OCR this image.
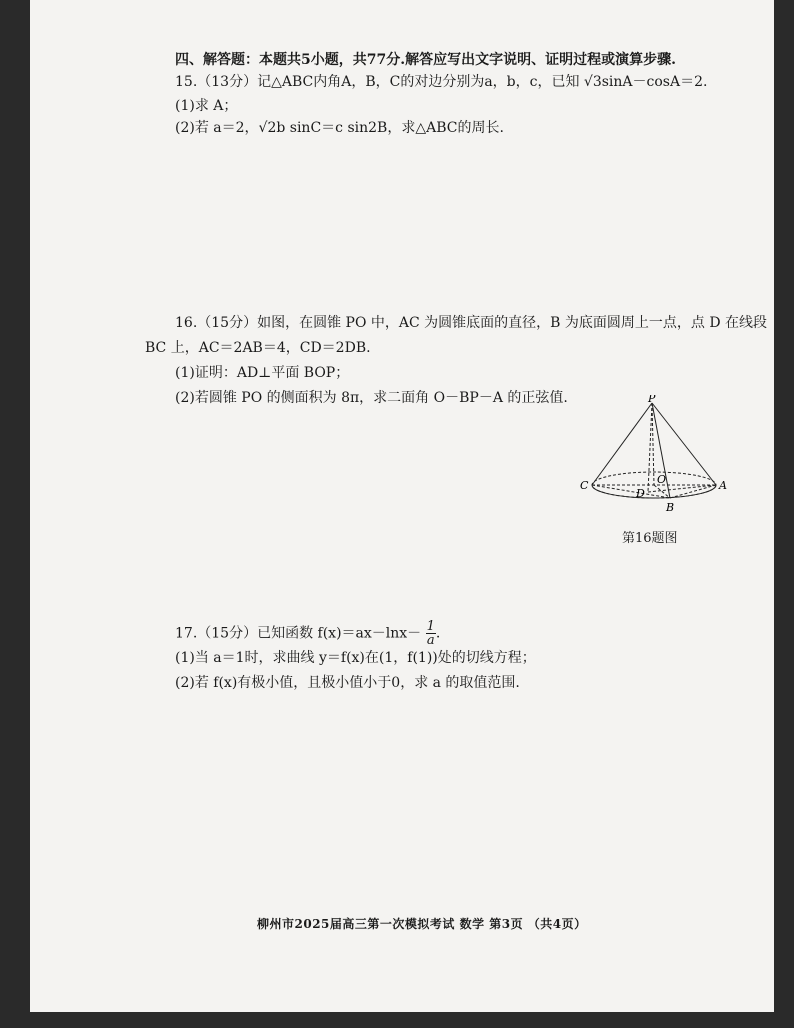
四、解答题：本题共5小题，共77分.解答应写出文字说明、证明过程或演算步骤.
15.（13分）记△ABC内角A，B，C的对边分别为a，b，c，已知 √3sinA－cosA＝2.
(1)求 A；
(2)若 a＝2，√2b sinC＝c sin2B，求△ABC的周长.
16.（15分）如图，在圆锥 PO 中，AC 为圆锥底面的直径，B 为底面圆周上一点，点 D 在线段
BC 上，AC＝2AB＝4，CD＝2DB.
(1)证明：AD⊥平面 BOP；
(2)若圆锥 PO 的侧面积为 8π，求二面角 O－BP－A 的正弦值.	P
O
C	A
B
D
第16题图
17.（15分）已知函数 $f(x)=ax-\ln x- \frac{1}{a}$ .
(1)当 a＝1时，求曲线 y＝f(x)在(1，f(1))处的切线方程；
(2)若 f(x)有极小值，且极小值小于0，求 a 的取值范围.
柳州市2025届高三第一次模拟考试 数学 第3页 （共4页）
